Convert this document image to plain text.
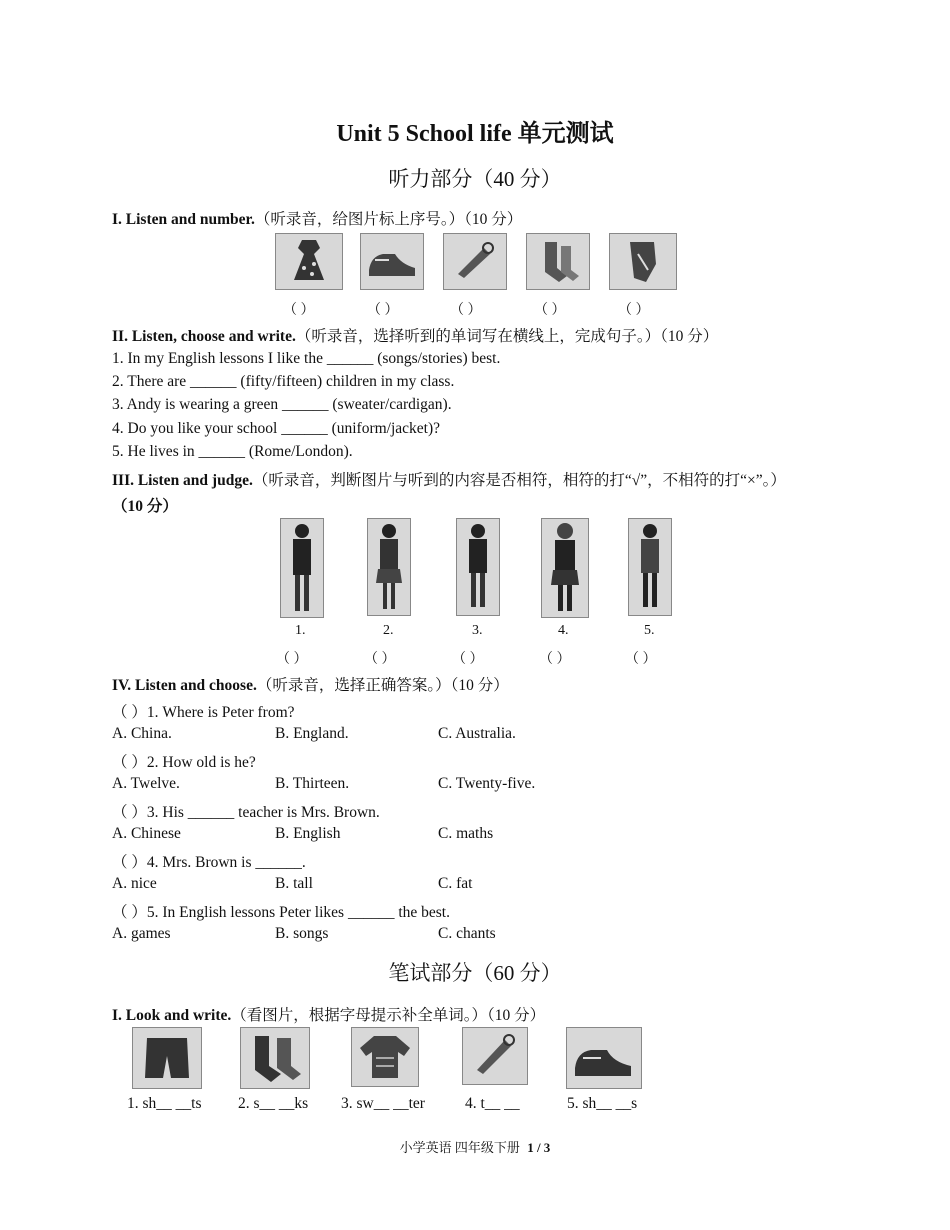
Unit 5 School life 单元测试
听力部分（40 分）
I. Listen and number.（听录音，给图片标上序号。）（10 分）
（ ）	（ ）	（ ）	（ ）	（ ）
II. Listen, choose and write.（听录音，选择听到的单词写在横线上，完成句子。）（10 分）
1. In my English lessons I like the ______ (songs/stories) best.
2. There are ______ (fifty/fifteen) children in my class.
3. Andy is wearing a green ______ (sweater/cardigan).
4. Do you like your school ______ (uniform/jacket)?
5. He lives in ______ (Rome/London).
III. Listen and judge.（听录音，判断图片与听到的内容是否相符，相符的打“√”，不相符的打“×”。）
（10 分）
1.	2.	3.	4.	5.
（ ）	（ ）	（ ）	（ ）	（ ）
IV. Listen and choose.（听录音，选择正确答案。）（10 分）
（ ）1. Where is Peter from?
A. China.	B. England.	C. Australia.
（ ）2. How old is he?
A. Twelve.	B. Thirteen.	C. Twenty-five.
（ ）3. His ______ teacher is Mrs. Brown.
A. Chinese	B. English	C. maths
（ ）4. Mrs. Brown is ______.
A. nice	B. tall	C. fat
（ ）5. In English lessons Peter likes ______ the best.
A. games	B. songs	C. chants
笔试部分（60 分）
I. Look and write.（看图片，根据字母提示补全单词。）（10 分）
1. sh__ __ts 2. s__ __ks 3. sw__ __ter	4. t__ __	5. sh__ __s
小学英语 四年级下册 1 / 3
